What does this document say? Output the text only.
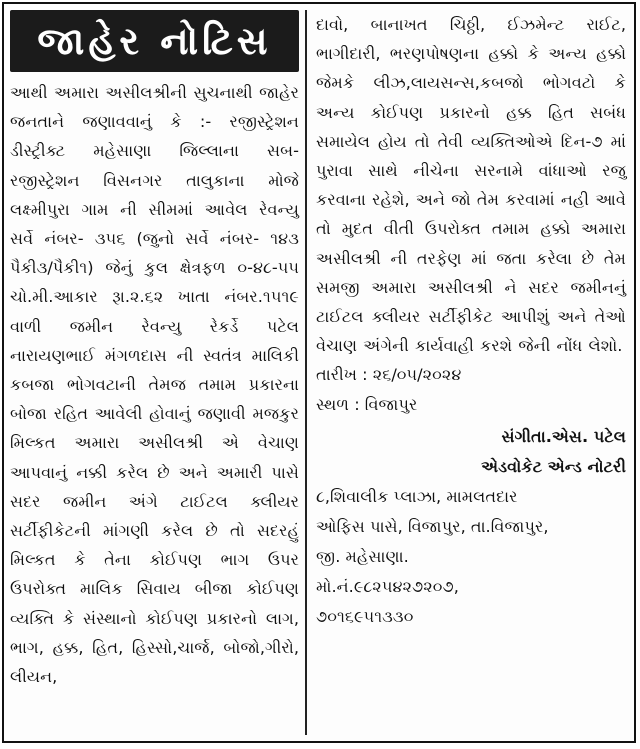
જાહેર નોટિસ
આથી અમારા અસીલશ્રીની સુચનાથી જાહેર જનતાને જણાવવાનું કે :- રજીસ્ટ્રેશન ડીસ્ટ્રીક્ટ મહેસાણા જિલ્લાના સબ-રજીસ્ટ્રેશન વિસનગર તાલુકાના મોજે લક્ષ્મીપુરા ગામ ની સીમમાં આવેલ રેવન્યુ સર્વે નંબર- ૩૫૬ (જુનો સર્વે નંબર- ૧૪૩ પૈકી૩/પૈકી૧) જેનું કુલ ક્ષેત્રફળ ૦-૪૮-૫૫ ચો.મી.આકાર રૂા.૨.૬૨ ખાતા નંબર.૧૫૧૯ વાળી જમીન રેવન્યુ રેકર્ડે પટેલ નારાયણભાઈ મંગળદાસ ની સ્વતંત્ર માલિકી કબજા ભોગવટાની તેમજ તમામ પ્રકારના બોજા રહિત આવેલી હોવાનું જણાવી મજકુર મિલ્કત અમારા અસીલશ્રી એ વેચાણ આપવાનું નક્કી કરેલ છે અને અમારી પાસે સદર જમીન અંગે ટાઈટલ ક્લીયર સર્ટીફીકેટની માંગણી કરેલ છે તો સદરહું મિલ્કત કે તેના કોઈપણ ભાગ ઉપર ઉપરોક્ત માલિક સિવાય બીજા કોઈપણ વ્યક્તિ કે સંસ્થાનો કોઈપણ પ્રકારનો લાગ, ભાગ, હક્ક, હિત, હિસ્સો,ચાર્જ, બોજો,ગીરો, લીયન,
દાવો, બાનાખત ચિઠ્ઠી, ઈઝમેન્ટ રાઈટ, ભાગીદારી, ભરણપોષણના હક્કો કે અન્ય હક્કો જેમકે લીઝ,લાયસન્સ,કબજો ભોગવટો કે અન્ય કોઈપણ પ્રકારનો હક્ક હિત સબંધ સમાયેલ હોય તો તેવી વ્યક્તિઓએ દિન-૭ માં પુરાવા સાથે નીચેના સરનામે વાંધાઓ રજુ કરવાના રહેશે, અને જો તેમ કરવામાં નહી આવે તો મુદત વીતી ઉપરોક્ત તમામ હક્કો અમારા અસીલશ્રી ની તરફેણ માં જતા કરેલા છે તેમ સમજી અમારા અસીલશ્રી ને સદર જમીનનું ટાઈટલ ક્લીયર સર્ટીફીકેટ આપીશું અને તેઓ વેચાણ અંગેની કાર્યવાહી કરશે જેની નોંધ લેશો.
તારીખ : ૨૬/૦૫/૨૦૨૪
સ્થળ : વિજાપુર
સંગીતા.એસ. પટેલ
એડવોકેટ એન્ડ નોટરી
૮,શિવાલીક પ્લાઝા, મામલતદાર
ઓફિસ પાસે, વિજાપુર, તા.વિજાપુર,
જી. મહેસાણા.
મો.નં.૯૮૨૫૪૨૭૨૦૭,
૭૦૧૬૯૫૧૩૩૦
